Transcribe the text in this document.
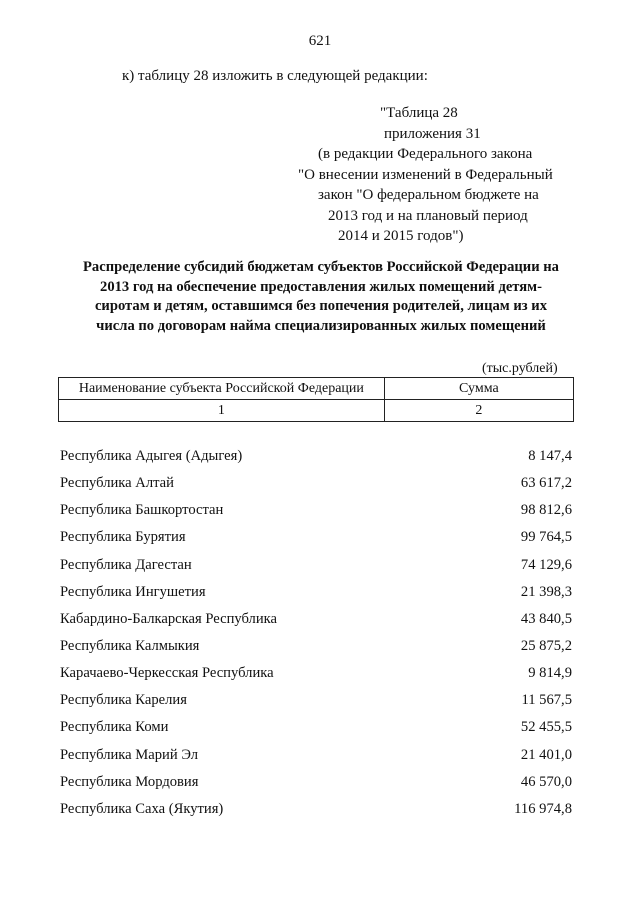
621
к) таблицу 28 изложить в следующей редакции:
"Таблица 28
приложения 31
(в редакции Федерального закона
"О внесении изменений в Федеральный
закон "О федеральном бюджете на
2013 год и на плановый период
2014 и 2015 годов")
Распределение субсидий бюджетам субъектов Российской Федерации на
2013 год на обеспечение предоставления жилых помещений детям-
сиротам и детям, оставшимся без попечения родителей, лицам из их
числа по договорам найма специализированных жилых помещений
(тыс.рублей)
Наименование субъекта Российской Федерации	Сумма
1	2
Республика Адыгея (Адыгея)	8 147,4
Республика Алтай	63 617,2
Республика Башкортостан	98 812,6
Республика Бурятия	99 764,5
Республика Дагестан	74 129,6
Республика Ингушетия	21 398,3
Кабардино-Балкарская Республика	43 840,5
Республика Калмыкия	25 875,2
Карачаево-Черкесская Республика	9 814,9
Республика Карелия	11 567,5
Республика Коми	52 455,5
Республика Марий Эл	21 401,0
Республика Мордовия	46 570,0
Республика Саха (Якутия)	116 974,8
